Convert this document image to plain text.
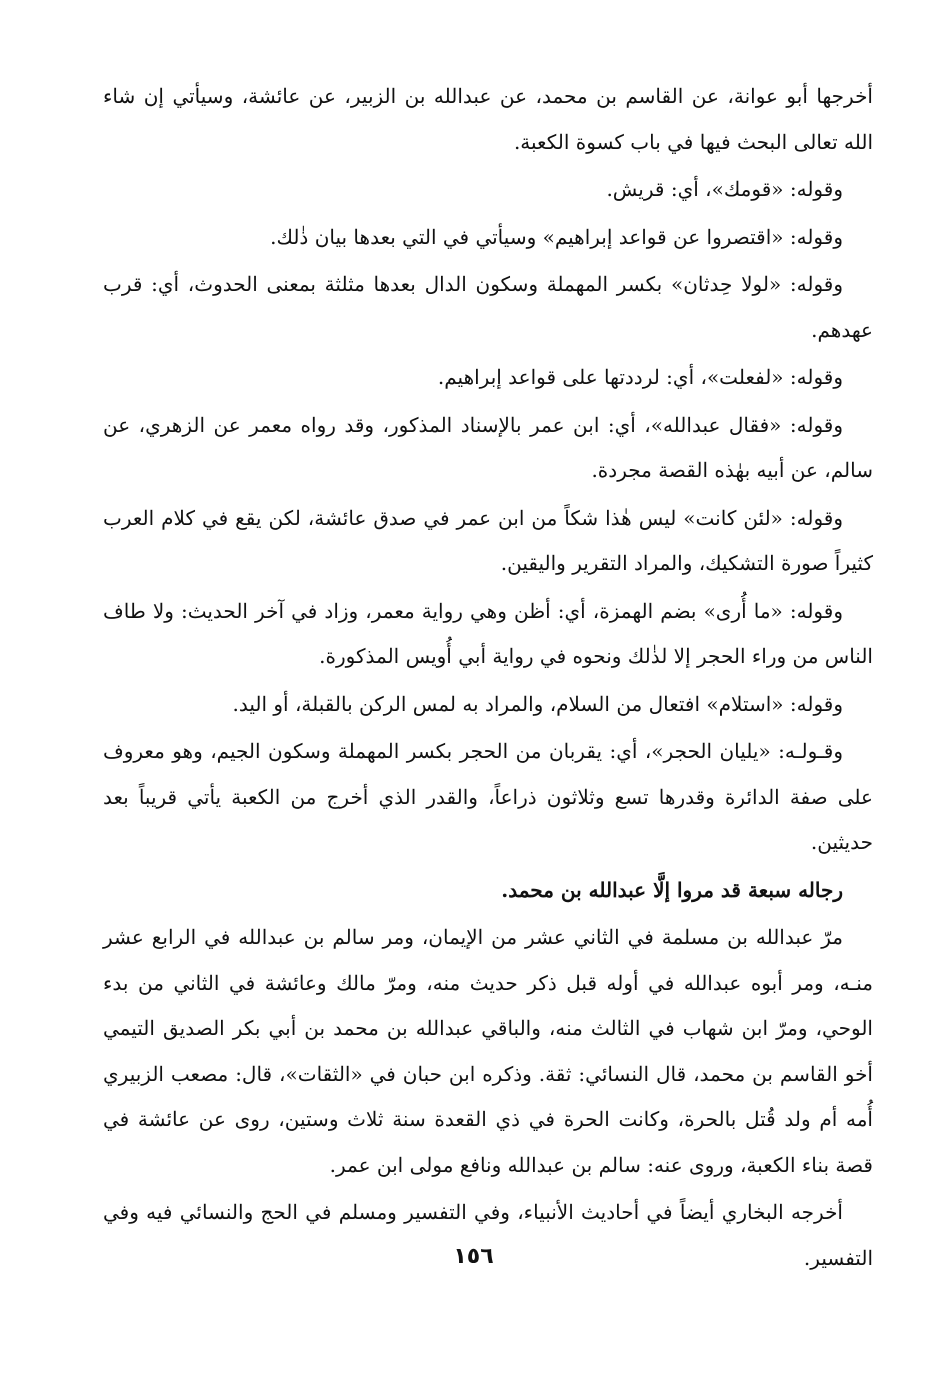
أخرجها أبو عوانة، عن القاسم بن محمد، عن عبدالله بن الزبير، عن عائشة، وسيأتي إن شاء الله تعالى البحث فيها في باب كسوة الكعبة.

وقوله: «قومك»، أي: قريش.

وقوله: «اقتصروا عن قواعد إبراهيم» وسيأتي في التي بعدها بيان ذٰلك.

وقوله: «لولا حِدثان» بكسر المهملة وسكون الدال بعدها مثلثة بمعنى الحدوث، أي: قرب عهدهم.

وقوله: «لفعلت»، أي: لرددتها على قواعد إبراهيم.

وقوله: «فقال عبدالله»، أي: ابن عمر بالإسناد المذكور، وقد رواه معمر عن الزهري، عن سالم، عن أبيه بهٰذه القصة مجردة.

وقوله: «لئن كانت» ليس هٰذا شكاً من ابن عمر في صدق عائشة، لكن يقع في كلام العرب كثيراً صورة التشكيك، والمراد التقرير واليقين.

وقوله: «ما أُرى» بضم الهمزة، أي: أظن وهي رواية معمر، وزاد في آخر الحديث: ولا طاف الناس من وراء الحجر إلا لذٰلك ونحوه في رواية أبي أُويس المذكورة.

وقوله: «استلام» افتعال من السلام، والمراد به لمس الركن بالقبلة، أو اليد.

وقـولـه: «يليان الحجر»، أي: يقربان من الحجر بكسر المهملة وسكون الجيم، وهو معروف على صفة الدائرة وقدرها تسع وثلاثون ذراعاً، والقدر الذي أخرج من الكعبة يأتي قريباً بعد حديثين.

رجاله سبعة قد مروا إلَّا عبدالله بن محمد.

مرّ عبدالله بن مسلمة في الثاني عشر من الإيمان، ومر سالم بن عبدالله في الرابع عشر منـه، ومر أبوه عبدالله في أوله قبل ذكر حديث منه، ومرّ مالك وعائشة في الثاني من بدء الوحي، ومرّ ابن شهاب في الثالث منه، والباقي عبدالله بن محمد بن أبي بكر الصديق التيمي أخو القاسم بن محمد، قال النسائي: ثقة. وذكره ابن حبان في «الثقات»، قال: مصعب الزبيري أُمه أم ولد قُتل بالحرة، وكانت الحرة في ذي القعدة سنة ثلاث وستين، روى عن عائشة في قصة بناء الكعبة، وروى عنه: سالم بن عبدالله ونافع مولى ابن عمر.

أخرجه البخاري أيضاً في أحاديث الأنبياء، وفي التفسير ومسلم في الحج والنسائي فيه وفي التفسير.

١٥٦
